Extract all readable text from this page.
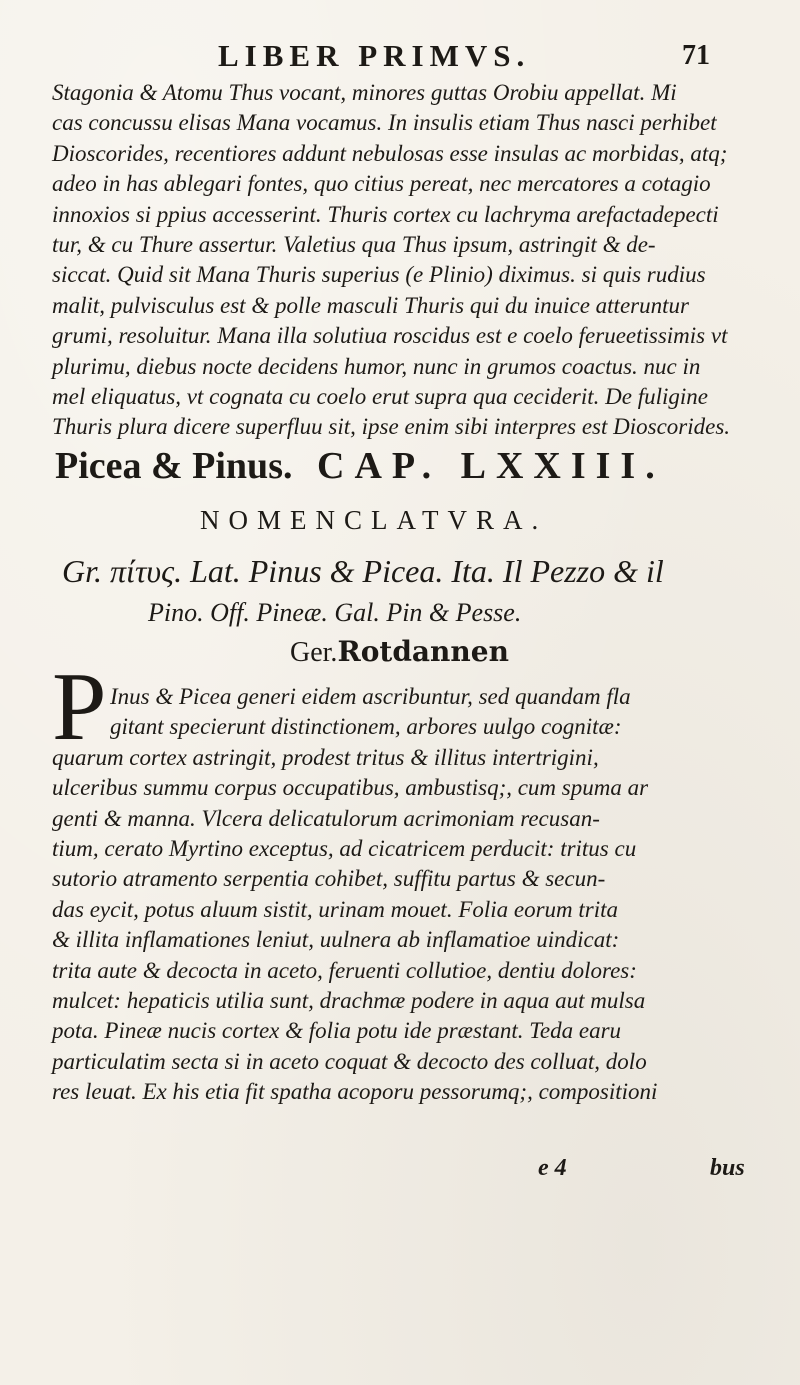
LIBER PRIMVS.	71
Stagonia & Atomu Thus vocant, minores guttas Orobiu appellat. Mi
cas concussu elisas Mana vocamus. In insulis etiam Thus nasci perhibet
Dioscorides, recentiores addunt nebulosas esse insulas ac morbidas, atq;
adeo in has ablegari fontes, quo citius pereat, nec mercatores a cotagio
innoxios si ppius accesserint. Thuris cortex cu lachryma arefactadepecti
tur, & cu Thure assertur. Valetius qua Thus ipsum, astringit & de-
siccat. Quid sit Mana Thuris superius (e Plinio) diximus. si quis rudius
malit, pulvisculus est & polle masculi Thuris qui du inuice atteruntur
grumi, resoluitur. Mana illa solutiua roscidus est e coelo ferueetissimis vt
plurimu, diebus nocte decidens humor, nunc in grumos coactus. nuc in
mel eliquatus, vt cognata cu coelo erut supra qua ceciderit. De fuligine
Thuris plura dicere superfluu sit, ipse enim sibi interpres est Dioscorides.
Picea & Pinus. CAP. LXXIII.
NOMENCLATVRA.
Gr. πίτυς. Lat. Pinus & Picea. Ita. Il Pezzo & il
Pino. Off. Pineæ. Gal. Pin & Pesse.
Ger.Rotdannen
P Inus & Picea generi eidem ascribuntur, sed quandam fla
gitant specierunt distinctionem, arbores uulgo cognitæ:
quarum cortex astringit, prodest tritus & illitus intertrigini,
ulceribus summu corpus occupatibus, ambustisq;, cum spuma ar
genti & manna. Vlcera delicatulorum acrimoniam recusan-
tium, cerato Myrtino exceptus, ad cicatricem perducit: tritus cu
sutorio atramento serpentia cohibet, suffitu partus & secun-
das eycit, potus aluum sistit, urinam mouet. Folia eorum trita
& illita inflamationes leniut, uulnera ab inflamatioe uindicat:
trita aute & decocta in aceto, feruenti collutioe, dentiu dolores:
mulcet: hepaticis utilia sunt, drachmæ podere in aqua aut mulsa
pota. Pineæ nucis cortex & folia potu ide præstant. Teda earu
particulatim secta si in aceto coquat & decocto des colluat, dolo
res leuat. Ex his etia fit spatha acoporu pessorumq;, compositioni
e 4	bus
